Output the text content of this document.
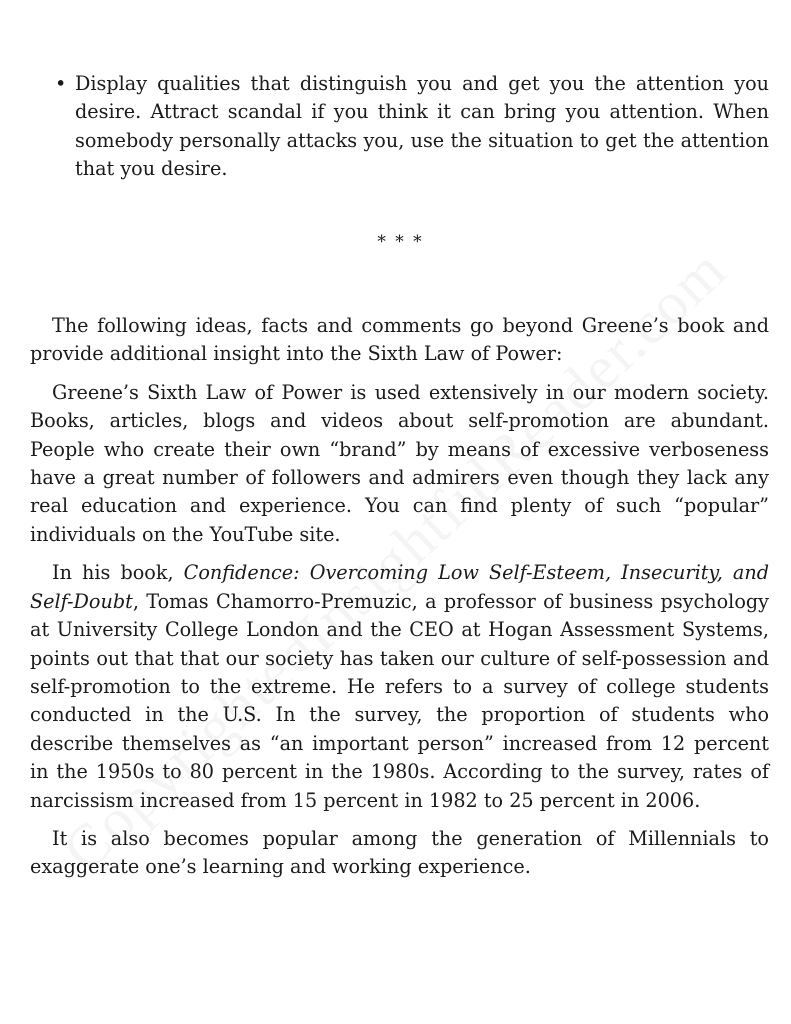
• Display qualities that distinguish you and get you the attention you desire. Attract scandal if you think it can bring you attention. When somebody personally attacks you, use the situation to get the attention that you desire.
* * *

The following ideas, facts and comments go beyond Greene’s book and provide additional insight into the Sixth Law of Power:

Greene’s Sixth Law of Power is used extensively in our modern society. Books, articles, blogs and videos about self-promotion are abundant. People who create their own “brand” by means of excessive verboseness have a great number of followers and admirers even though they lack any real education and experience. You can find plenty of such “popular” individuals on the YouTube site.

In his book, Confidence: Overcoming Low Self-Esteem, Insecurity, and Self-Doubt, Tomas Chamorro-Premuzic, a professor of business psychology at University College London and the CEO at Hogan Assessment Systems, points out that that our society has taken our culture of self-possession and self-promotion to the extreme. He refers to a survey of college students conducted in the U.S. In the survey, the proportion of students who describe themselves as “an important person” increased from 12 percent in the 1950s to 80 percent in the 1980s. According to the survey, rates of narcissism increased from 15 percent in 1982 to 25 percent in 2006.

It is also becomes popular among the generation of Millennials to exaggerate one’s learning and working experience.
